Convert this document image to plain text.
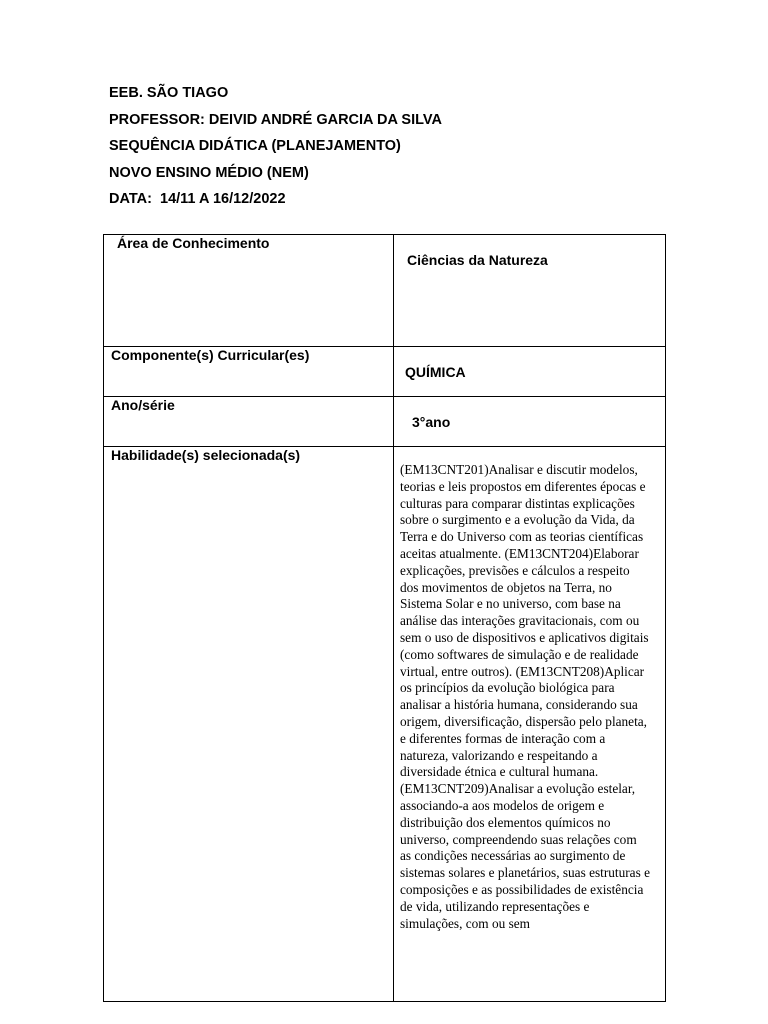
EEB. SÃO TIAGO
PROFESSOR: DEIVID ANDRÉ GARCIA DA SILVA
SEQUÊNCIA DIDÁTICA (PLANEJAMENTO)
NOVO ENSINO MÉDIO (NEM)
DATA:  14/11 A 16/12/2022
Área de Conhecimento	Ciências da Natureza

Componente(s) Curricular(es)	QUÍMICA

Ano/série	3°ano

Habilidade(s) selecionada(s)	(EM13CNT201)Analisar e discutir modelos, teorias e leis propostos em diferentes épocas e culturas para comparar distintas explicações sobre o surgimento e a evolução da Vida, da Terra e do Universo com as teorias científicas aceitas atualmente. (EM13CNT204)Elaborar explicações, previsões e cálculos a respeito dos movimentos de objetos na Terra, no Sistema Solar e no universo, com base na análise das interações gravitacionais, com ou sem o uso de dispositivos e aplicativos digitais (como softwares de simulação e de realidade virtual, entre outros). (EM13CNT208)Aplicar os princípios da evolução biológica para analisar a história humana, considerando sua origem, diversificação, dispersão pelo planeta, e diferentes formas de interação com a natureza, valorizando e respeitando a diversidade étnica e cultural humana. (EM13CNT209)Analisar a evolução estelar, associando-a aos modelos de origem e distribuição dos elementos químicos no universo, compreendendo suas relações com as condições necessárias ao surgimento de sistemas solares e planetários, suas estruturas e composições e as possibilidades de existência de vida, utilizando representações e simulações, com ou sem
